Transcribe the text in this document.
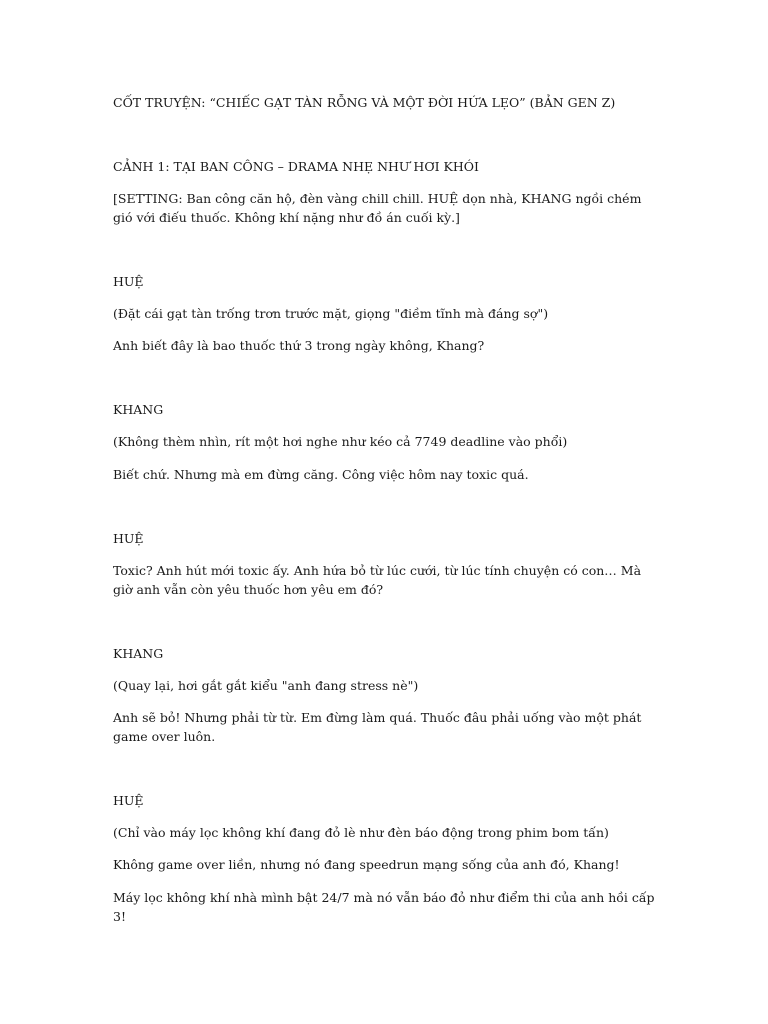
CỐT TRUYỆN: “CHIẾC GẠT TÀN RỖNG VÀ MỘT ĐỜI HỨA LẸO” (BẢN GEN Z)

CẢNH 1: TẠI BAN CÔNG – DRAMA NHẸ NHƯ HƠI KHÓI

[SETTING: Ban công căn hộ, đèn vàng chill chill. HUỆ dọn nhà, KHANG ngồi chém gió với điếu thuốc. Không khí nặng như đồ án cuối kỳ.]

HUỆ

(Đặt cái gạt tàn trống trơn trước mặt, giọng "điềm tĩnh mà đáng sợ")

Anh biết đây là bao thuốc thứ 3 trong ngày không, Khang?

KHANG

(Không thèm nhìn, rít một hơi nghe như kéo cả 7749 deadline vào phổi)

Biết chứ. Nhưng mà em đừng căng. Công việc hôm nay toxic quá.

HUỆ

Toxic? Anh hút mới toxic ấy. Anh hứa bỏ từ lúc cưới, từ lúc tính chuyện có con… Mà giờ anh vẫn còn yêu thuốc hơn yêu em đó?

KHANG

(Quay lại, hơi gắt gắt kiểu "anh đang stress nè")

Anh sẽ bỏ! Nhưng phải từ từ. Em đừng làm quá. Thuốc đâu phải uống vào một phát game over luôn.

HUỆ

(Chỉ vào máy lọc không khí đang đỏ lè như đèn báo động trong phim bom tấn)

Không game over liền, nhưng nó đang speedrun mạng sống của anh đó, Khang!

Máy lọc không khí nhà mình bật 24/7 mà nó vẫn báo đỏ như điểm thi của anh hồi cấp 3!
